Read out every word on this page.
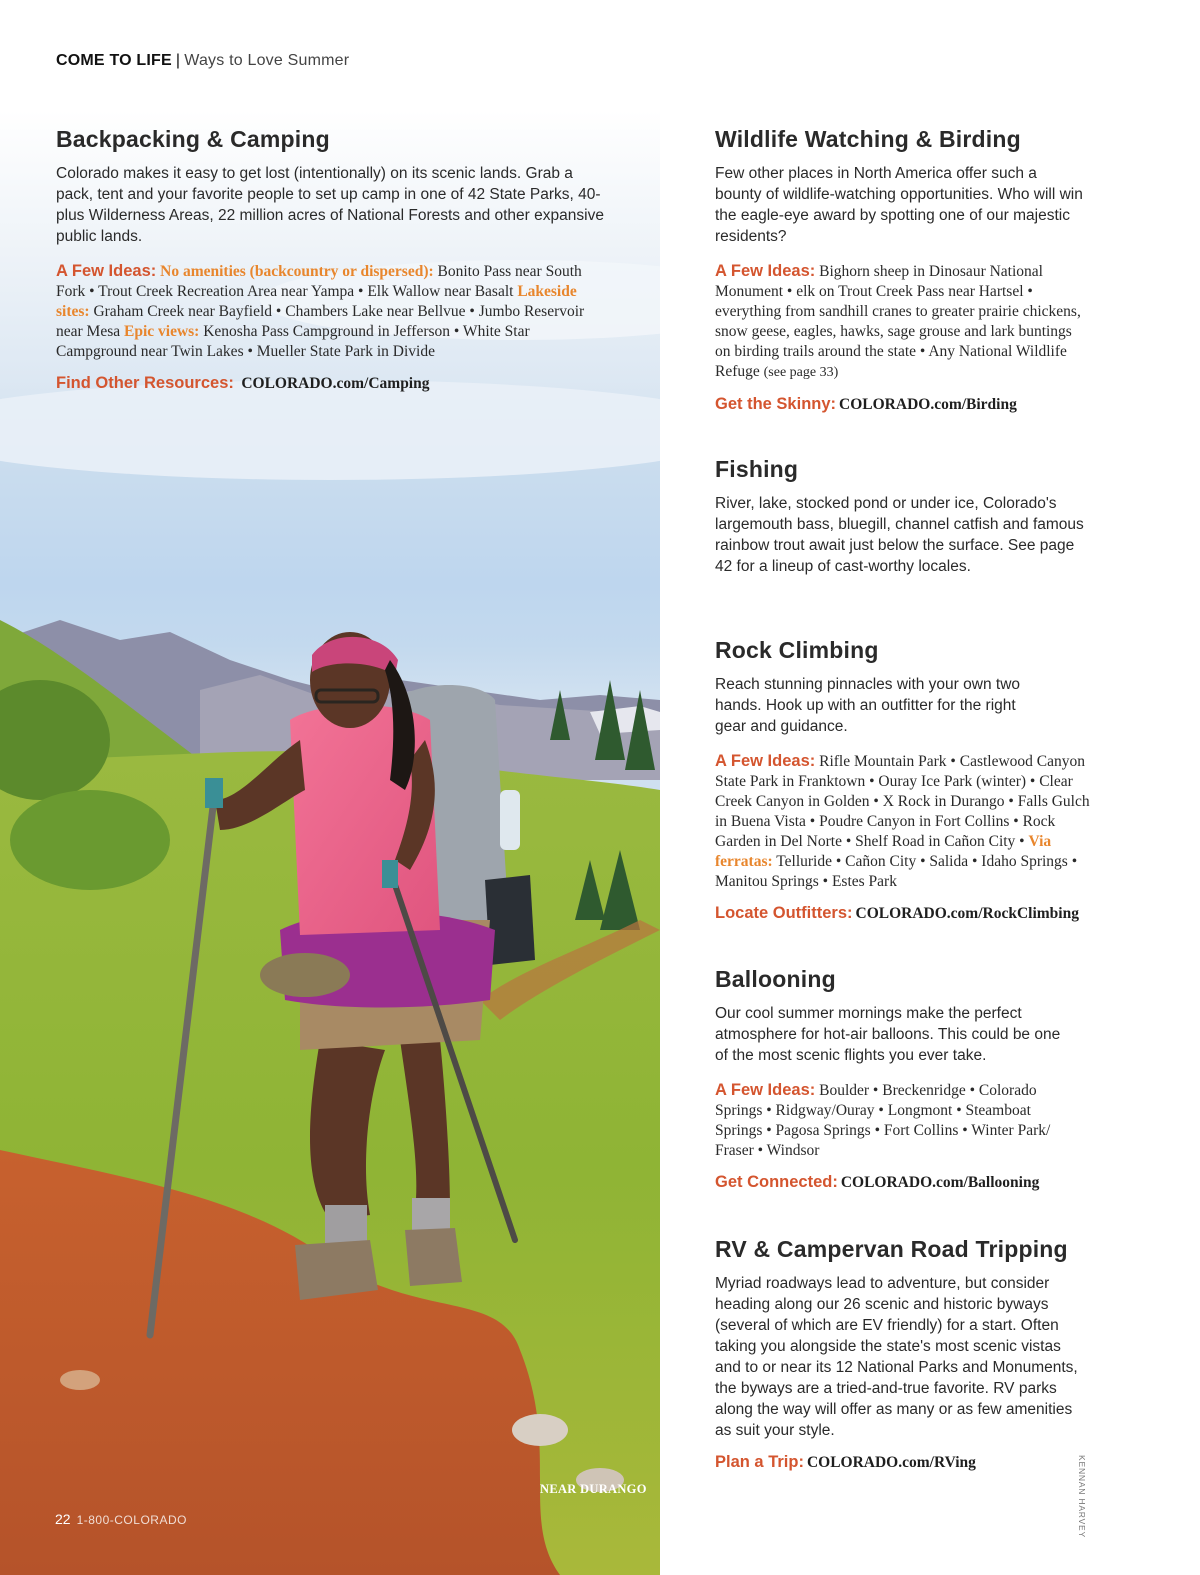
COME TO LIFE | Ways to Love Summer
Backpacking & Camping

Colorado makes it easy to get lost (intentionally) on its scenic lands. Grab a pack, tent and your favorite people to set up camp in one of 42 State Parks, 40-plus Wilderness Areas, 22 million acres of National Forests and other expansive public lands.

A Few Ideas: No amenities (backcountry or dispersed): Bonito Pass near South Fork • Trout Creek Recreation Area near Yampa • Elk Wallow near Basalt Lakeside sites: Graham Creek near Bayfield • Chambers Lake near Bellvue • Jumbo Reservoir near Mesa Epic views: Kenosha Pass Campground in Jefferson • White Star Campground near Twin Lakes • Mueller State Park in Divide

Find Other Resources: COLORADO.com/Camping

Wildlife Watching & Birding

Few other places in North America offer such a bounty of wildlife-watching opportunities. Who will win the eagle-eye award by spotting one of our majestic residents?

A Few Ideas: Bighorn sheep in Dinosaur National Monument • elk on Trout Creek Pass near Hartsel • everything from sandhill cranes to greater prairie chickens, snow geese, eagles, hawks, sage grouse and lark buntings on birding trails around the state • Any National Wildlife Refuge (see page 33)

Get the Skinny: COLORADO.com/Birding

Fishing

River, lake, stocked pond or under ice, Colorado's largemouth bass, bluegill, channel catfish and famous rainbow trout await just below the surface. See page 42 for a lineup of cast-worthy locales.

Rock Climbing

Reach stunning pinnacles with your own two hands. Hook up with an outfitter for the right gear and guidance.

A Few Ideas: Rifle Mountain Park • Castlewood Canyon State Park in Franktown • Ouray Ice Park (winter) • Clear Creek Canyon in Golden • X Rock in Durango • Falls Gulch in Buena Vista • Poudre Canyon in Fort Collins • Rock Garden in Del Norte • Shelf Road in Cañon City • Via ferratas: Telluride • Cañon City • Salida • Idaho Springs • Manitou Springs • Estes Park

Locate Outfitters: COLORADO.com/RockClimbing

Ballooning

Our cool summer mornings make the perfect atmosphere for hot-air balloons. This could be one of the most scenic flights you ever take.

A Few Ideas: Boulder • Breckenridge • Colorado Springs • Ridgway/Ouray • Longmont • Steamboat Springs • Pagosa Springs • Fort Collins • Winter Park/ Fraser • Windsor

Get Connected: COLORADO.com/Ballooning

RV & Campervan Road Tripping

Myriad roadways lead to adventure, but consider heading along our 26 scenic and historic byways (several of which are EV friendly) for a start. Often taking you alongside the state's most scenic vistas and to or near its 12 National Parks and Monuments, the byways are a tried-and-true favorite. RV parks along the way will offer as many or as few amenities as suit your style.

Plan a Trip: COLORADO.com/RVing

NEAR DURANGO
22 1-800-COLORADO	KENNAN HARVEY
